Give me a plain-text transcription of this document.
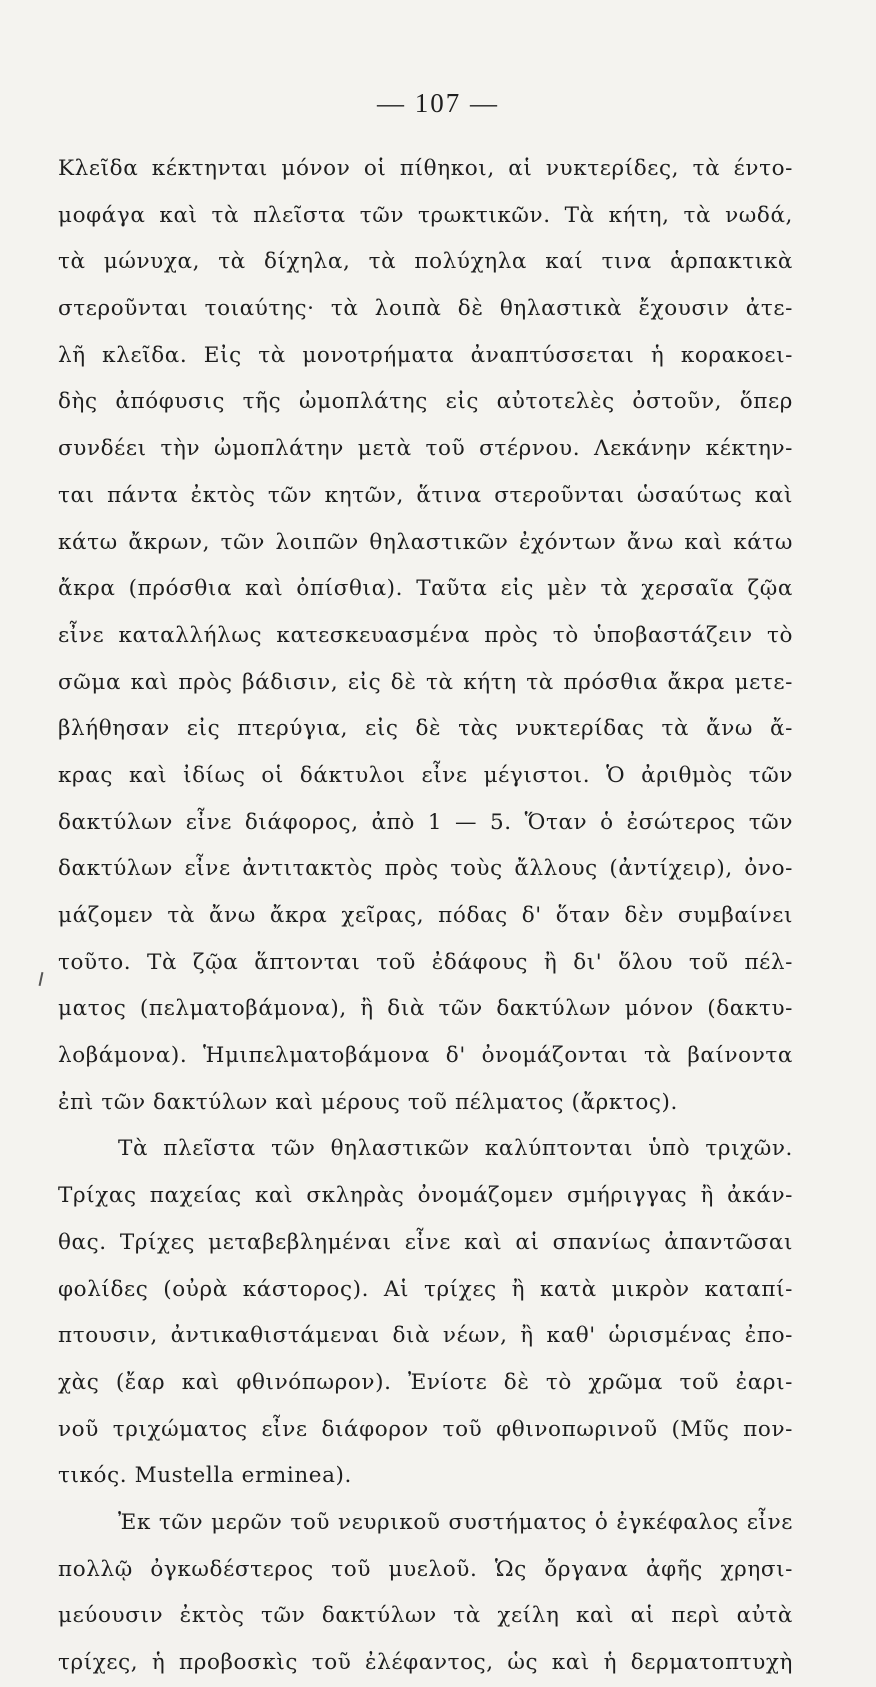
— 107 —
Κλεῖδα κέκτηνται μόνον οἱ πίθηκοι, αἱ νυκτερίδες, τὰ έντο-
μοφάγα καὶ τὰ πλεῖστα τῶν τρωκτικῶν. Τὰ κήτη, τὰ νωδά,
τὰ μώνυχα, τὰ δίχηλα, τὰ πολύχηλα καί τινα ἁρπακτικὰ
στεροῦνται τοιαύτης· τὰ λοιπὰ δὲ θηλαστικὰ ἔχουσιν ἀτε-
λῆ κλεῖδα. Εἰς τὰ μονοτρήματα ἀναπτύσσεται ἡ κορακοει-
δὴς ἀπόφυσις τῆς ὠμοπλάτης εἰς αὐτοτελὲς ὀστοῦν, ὅπερ
συνδέει τὴν ὠμοπλάτην μετὰ τοῦ στέρνου. Λεκάνην κέκτην-
ται πάντα ἐκτὸς τῶν κητῶν, ἅτινα στεροῦνται ὡσαύτως καὶ
κάτω ἄκρων, τῶν λοιπῶν θηλαστικῶν ἐχόντων ἄνω καὶ κάτω
ἄκρα (πρόσθια καὶ ὀπίσθια). Ταῦτα εἰς μὲν τὰ χερσαῖα ζῷα
εἶνε καταλλήλως κατεσκευασμένα πρὸς τὸ ὑποβαστάζειν τὸ
σῶμα καὶ πρὸς βάδισιν, εἰς δὲ τὰ κήτη τὰ πρόσθια ἄκρα μετε-
βλήθησαν εἰς πτερύγια, εἰς δὲ τὰς νυκτερίδας τὰ ἄνω ἄ-
κρας καὶ ἰδίως οἱ δάκτυλοι εἶνε μέγιστοι. Ὁ ἀριθμὸς τῶν
δακτύλων εἶνε διάφορος, ἀπὸ 1 — 5. Ὅταν ὁ ἐσώτερος τῶν
δακτύλων εἶνε ἀντιτακτὸς πρὸς τοὺς ἄλλους (ἀντίχειρ), ὀνο-
μάζομεν τὰ ἄνω ἄκρα χεῖρας, πόδας δ' ὅταν δὲν συμβαίνει
τοῦτο. Τὰ ζῷα ἅπτονται τοῦ ἐδάφους ἢ δι' ὅλου τοῦ πέλ-
ματος (πελματοβάμονα), ἢ διὰ τῶν δακτύλων μόνον (δακτυ-
λοβάμονα). Ἡμιπελματοβάμονα δ' ὀνομάζονται τὰ βαίνοντα
ἐπὶ τῶν δακτύλων καὶ μέρους τοῦ πέλματος (ἄρκτος).
Τὰ πλεῖστα τῶν θηλαστικῶν καλύπτονται ὑπὸ τριχῶν.
Τρίχας παχείας καὶ σκληρὰς ὀνομάζομεν σμήριγγας ἢ ἀκάν-
θας. Τρίχες μεταβεβλημέναι εἶνε καὶ αἱ σπανίως ἀπαντῶσαι
φολίδες (οὐρὰ κάστορος). Αἱ τρίχες ἢ κατὰ μικρὸν καταπί-
πτουσιν, ἀντικαθιστάμεναι διὰ νέων, ἢ καθ' ὡρισμένας ἐπο-
χὰς (ἔαρ καὶ φθινόπωρον). Ἐνίοτε δὲ τὸ χρῶμα τοῦ ἐαρι-
νοῦ τριχώματος εἶνε διάφορον τοῦ φθινοπωρινοῦ (Μῦς πον-
τικός. Mustella erminea).
Ἐκ τῶν μερῶν τοῦ νευρικοῦ συστήματος ὁ ἐγκέφαλος εἶνε
πολλῷ ὀγκωδέστερος τοῦ μυελοῦ. Ὡς ὄργανα ἀφῆς χρησι-
μεύουσιν ἐκτὸς τῶν δακτύλων τὰ χείλη καὶ αἱ περὶ αὐτὰ
τρίχες, ἡ προβοσκὶς τοῦ ἐλέφαντος, ὡς καὶ ἡ δερματοπτυχὴ
